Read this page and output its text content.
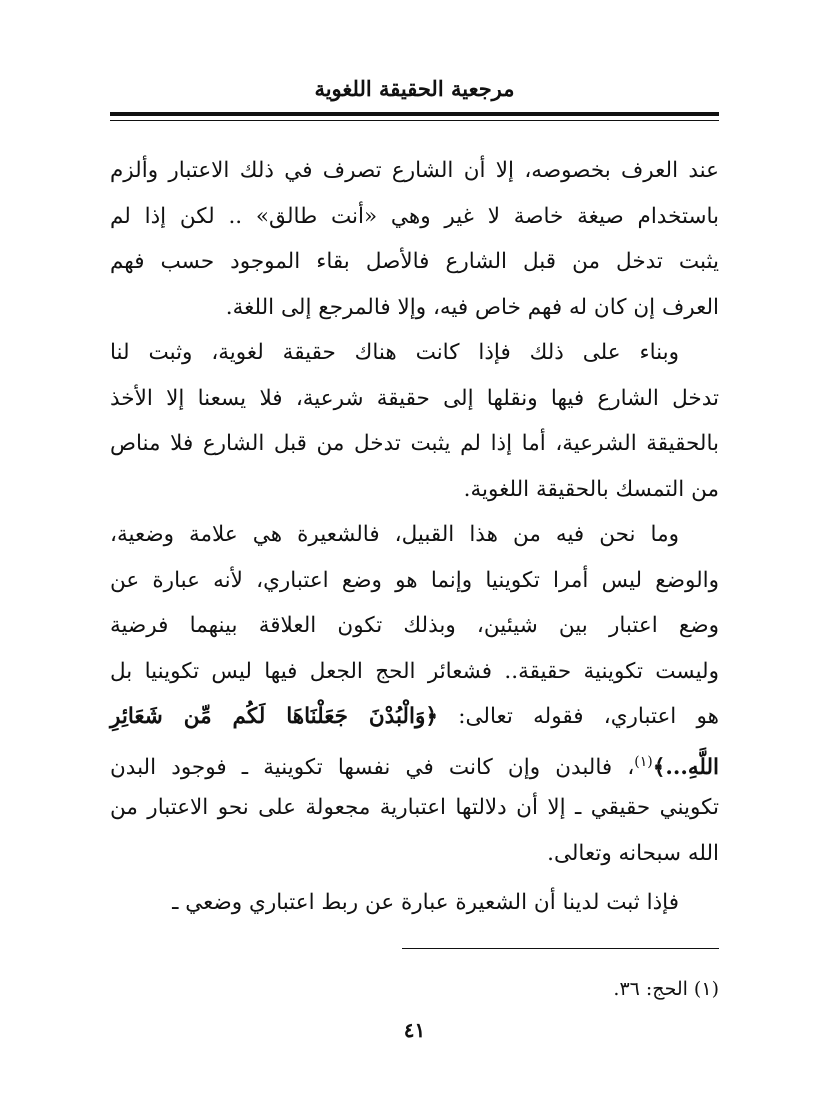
مرجعية الحقيقة اللغوية
عند العرف بخصوصه، إلا أن الشارع تصرف في ذلك الاعتبار وألزم
باستخدام صيغة خاصة لا غير وهي «أنت طالق» .. لكن إذا لم
يثبت تدخل من قبل الشارع فالأصل بقاء الموجود حسب فهم
العرف إن كان له فهم خاص فيه، وإلا فالمرجع إلى اللغة.
وبناء على ذلك فإذا كانت هناك حقيقة لغوية، وثبت لنا
تدخل الشارع فيها ونقلها إلى حقيقة شرعية، فلا يسعنا إلا الأخذ
بالحقيقة الشرعية، أما إذا لم يثبت تدخل من قبل الشارع فلا مناص
من التمسك بالحقيقة اللغوية.
وما نحن فيه من هذا القبيل، فالشعيرة هي علامة وضعية،
والوضع ليس أمرا تكوينيا وإنما هو وضع اعتباري، لأنه عبارة عن
وضع اعتبار بين شيئين، وبذلك تكون العلاقة بينهما فرضية
وليست تكوينية حقيقة.. فشعائر الحج الجعل فيها ليس تكوينيا بل
هو اعتباري، فقوله تعالى: ﴿وَالْبُدْنَ جَعَلْنَاهَا لَكُم مِّن شَعَائِرِ
اللَّهِ...﴾$^{(١)}$، فالبدن وإن كانت في نفسها تكوينية ـ فوجود البدن
تكويني حقيقي ـ إلا أن دلالتها اعتبارية مجعولة على نحو الاعتبار من
الله سبحانه وتعالى.
فإذا ثبت لدينا أن الشعيرة عبارة عن ربط اعتباري وضعي ـ
(١) الحج: ٣٦.
٤١
